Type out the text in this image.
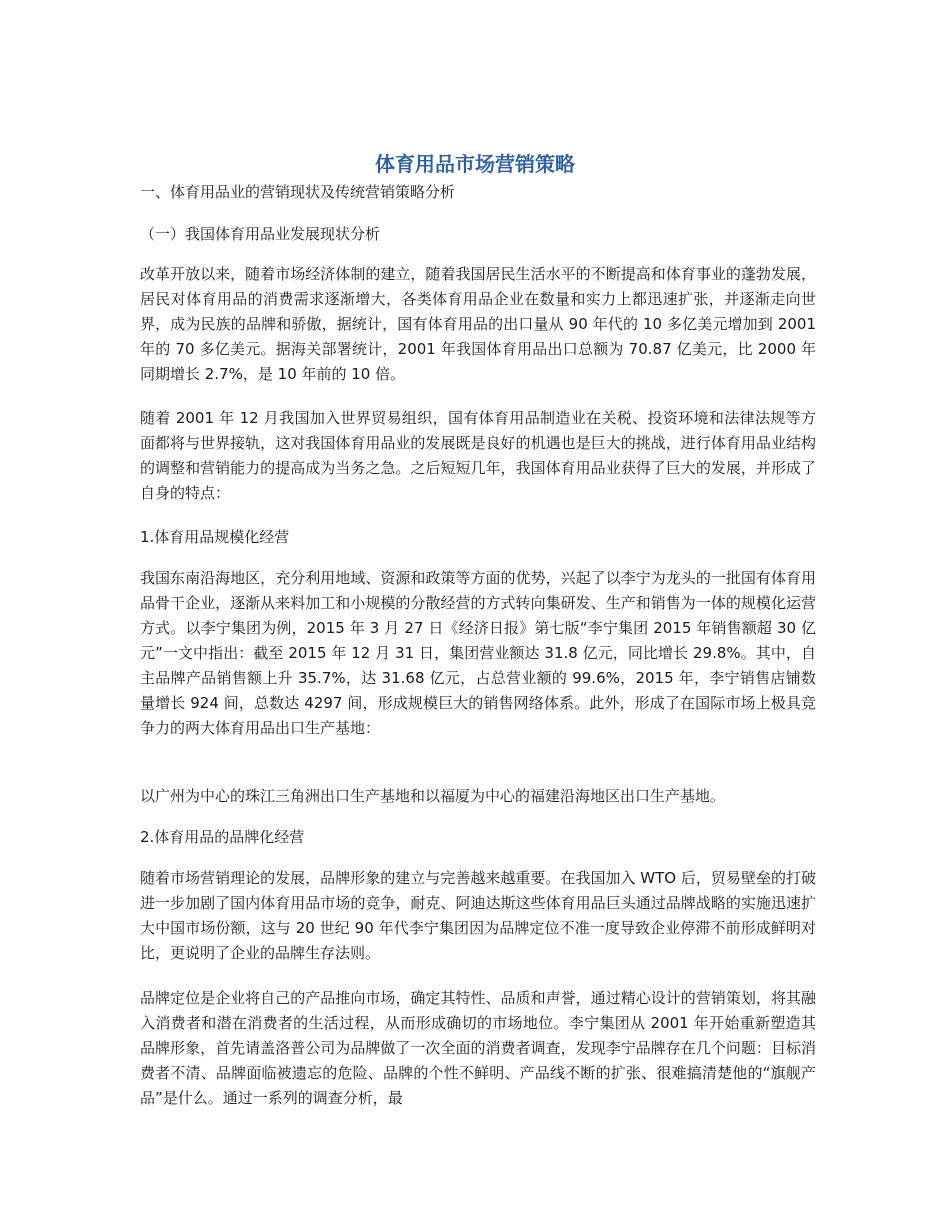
体育用品市场营销策略

一、体育用品业的营销现状及传统营销策略分析

（一）我国体育用品业发展现状分析

改革开放以来，随着市场经济体制的建立，随着我国居民生活水平的不断提高和体育事业的蓬勃发展，居民对体育用品的消费需求逐渐增大，各类体育用品企业在数量和实力上都迅速扩张，并逐渐走向世界，成为民族的品牌和骄傲，据统计，国有体育用品的出口量从 90 年代的 10 多亿美元增加到 2001 年的 70 多亿美元。据海关部署统计，2001 年我国体育用品出口总额为 70.87 亿美元，比 2000 年同期增长 2.7%，是 10 年前的 10 倍。

随着 2001 年 12 月我国加入世界贸易组织，国有体育用品制造业在关税、投资环境和法律法规等方面都将与世界接轨，这对我国体育用品业的发展既是良好的机遇也是巨大的挑战，进行体育用品业结构的调整和营销能力的提高成为当务之急。之后短短几年，我国体育用品业获得了巨大的发展，并形成了自身的特点：

1.体育用品规模化经营

我国东南沿海地区，充分利用地域、资源和政策等方面的优势，兴起了以李宁为龙头的一批国有体育用品骨干企业，逐渐从来料加工和小规模的分散经营的方式转向集研发、生产和销售为一体的规模化运营方式。以李宁集团为例，2015 年 3 月 27 日《经济日报》第七版“李宁集团 2015 年销售额超 30 亿元”一文中指出：截至 2015 年 12 月 31 日，集团营业额达 31.8 亿元，同比增长 29.8%。其中，自主品牌产品销售额上升 35.7%，达 31.68 亿元，占总营业额的 99.6%，2015 年，李宁销售店铺数量增长 924 间，总数达 4297 间，形成规模巨大的销售网络体系。此外，形成了在国际市场上极具竞争力的两大体育用品出口生产基地：

以广州为中心的珠江三角洲出口生产基地和以福厦为中心的福建沿海地区出口生产基地。

2.体育用品的品牌化经营

随着市场营销理论的发展，品牌形象的建立与完善越来越重要。在我国加入 WTO 后，贸易壁垒的打破进一步加剧了国内体育用品市场的竞争，耐克、阿迪达斯这些体育用品巨头通过品牌战略的实施迅速扩大中国市场份额，这与 20 世纪 90 年代李宁集团因为品牌定位不准一度导致企业停滞不前形成鲜明对比，更说明了企业的品牌生存法则。

品牌定位是企业将自己的产品推向市场，确定其特性、品质和声誉，通过精心设计的营销策划，将其融入消费者和潜在消费者的生活过程，从而形成确切的市场地位。李宁集团从 2001 年开始重新塑造其品牌形象，首先请盖洛普公司为品牌做了一次全面的消费者调查，发现李宁品牌存在几个问题：目标消费者不清、品牌面临被遗忘的危险、品牌的个性不鲜明、产品线不断的扩张、很难搞清楚他的“旗舰产品”是什么。通过一系列的调查分析，最
